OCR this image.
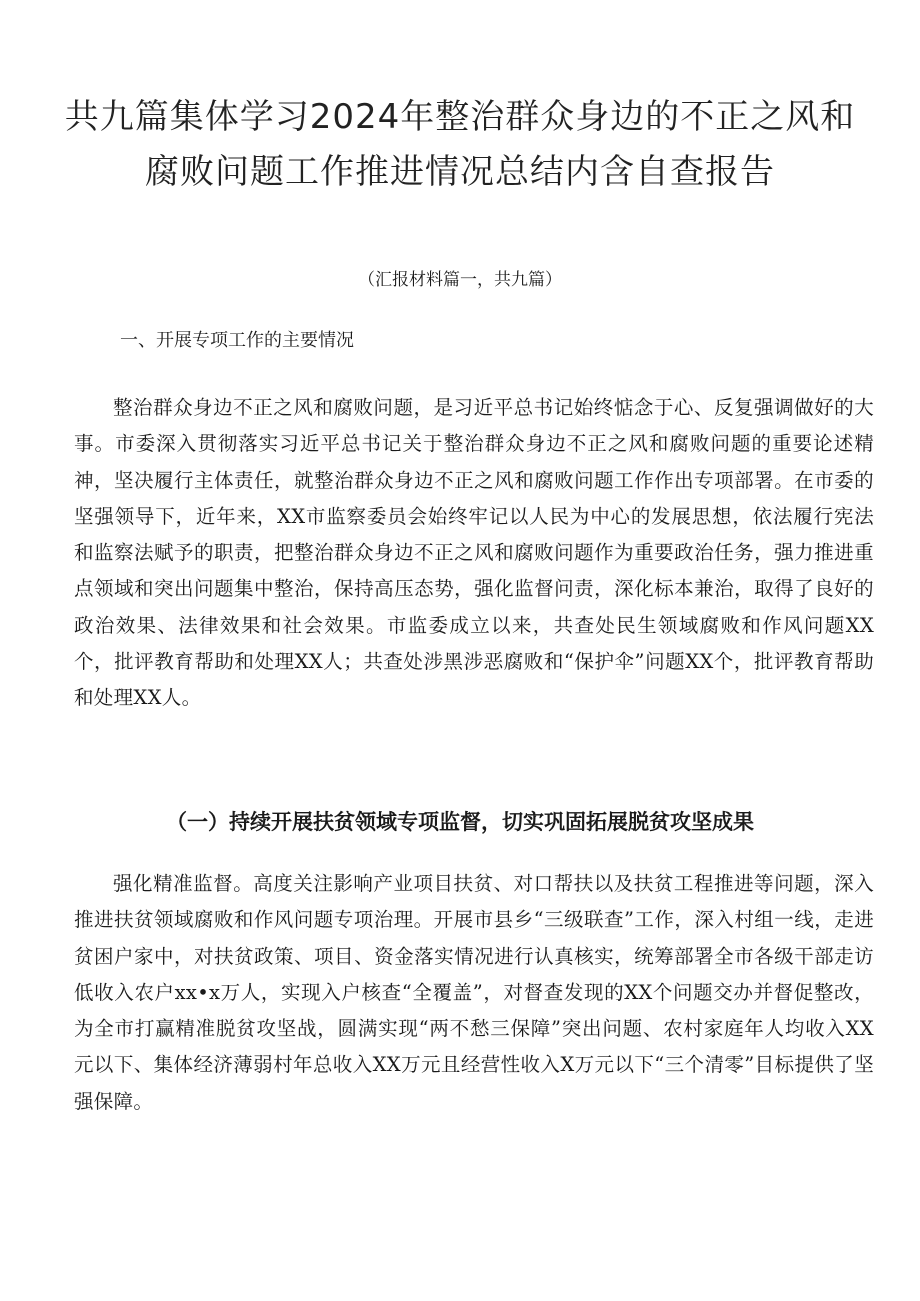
共九篇集体学习2024年整治群众身边的不正之风和腐败问题工作推进情况总结内含自查报告

（汇报材料篇一，共九篇）

一、开展专项工作的主要情况

整治群众身边不正之风和腐败问题，是习近平总书记始终惦念于心、反复强调做好的大事。市委深入贯彻落实习近平总书记关于整治群众身边不正之风和腐败问题的重要论述精神，坚决履行主体责任，就整治群众身边不正之风和腐败问题工作作出专项部署。在市委的坚强领导下，近年来，XX市监察委员会始终牢记以人民为中心的发展思想，依法履行宪法和监察法赋予的职责，把整治群众身边不正之风和腐败问题作为重要政治任务，强力推进重点领域和突出问题集中整治，保持高压态势，强化监督问责，深化标本兼治，取得了良好的政治效果、法律效果和社会效果。市监委成立以来，共查处民生领域腐败和作风问题XX个，批评教育帮助和处理XX人；共查处涉黑涉恶腐败和“保护伞”问题XX个，批评教育帮助和处理XX人。

（一）持续开展扶贫领域专项监督，切实巩固拓展脱贫攻坚成果

强化精准监督。高度关注影响产业项目扶贫、对口帮扶以及扶贫工程推进等问题，深入推进扶贫领域腐败和作风问题专项治理。开展市县乡“三级联查”工作，深入村组一线，走进贫困户家中，对扶贫政策、项目、资金落实情况进行认真核实，统筹部署全市各级干部走访低收入农户xx•x万人，实现入户核查“全覆盖”，对督查发现的XX个问题交办并督促整改，为全市打赢精准脱贫攻坚战，圆满实现“两不愁三保障”突出问题、农村家庭年人均收入XX元以下、集体经济薄弱村年总收入XX万元且经营性收入X万元以下“三个清零”目标提供了坚强保障。
